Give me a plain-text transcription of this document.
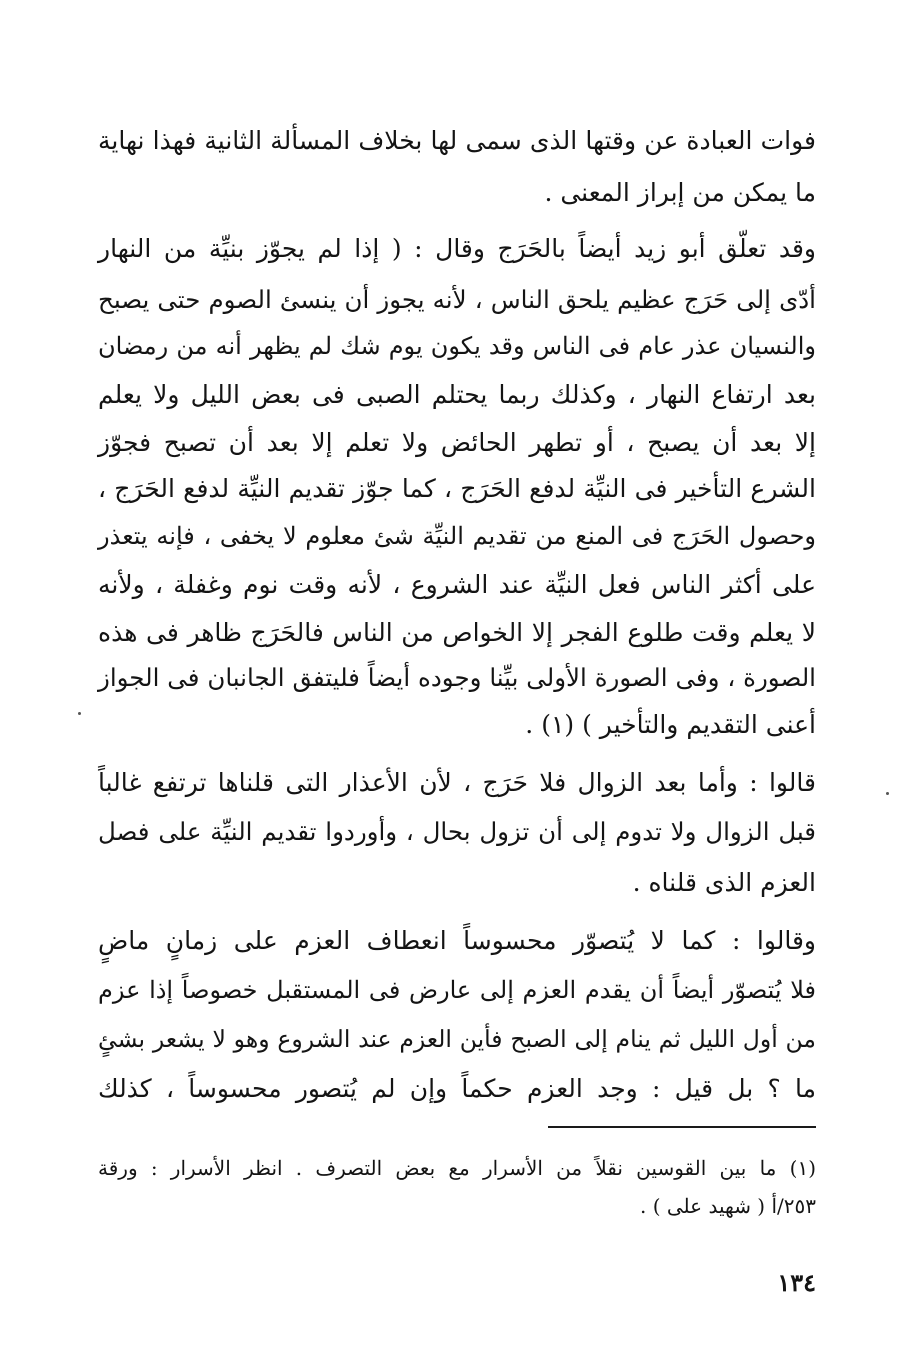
فوات العبادة عن وقتها الذى سمى لها بخلاف المسألة الثانية فهذا نهاية
ما يمكن من إبراز المعنى .
وقد تعلّق أبو زيد أيضاً بالحَرَج وقال : ( إذا لم يجوّز بنيِّة من النهار
أدّى إلى حَرَج عظيم يلحق الناس ، لأنه يجوز أن ينسئ الصوم حتى يصبح
والنسيان عذر عام فى الناس وقد يكون يوم شك لم يظهر أنه من رمضان
بعد ارتفاع النهار ، وكذلك ربما يحتلم الصبى فى بعض الليل ولا يعلم
إلا بعد أن يصبح ، أو تطهر الحائض ولا تعلم إلا بعد أن تصبح فجوّز
الشرع التأخير فى النيِّة لدفع الحَرَج ، كما جوّز تقديم النيِّة لدفع الحَرَج ،
وحصول الحَرَج فى المنع من تقديم النيِّة شئ معلوم لا يخفى ، فإنه يتعذر
على أكثر الناس فعل النيِّة عند الشروع ، لأنه وقت نوم وغفلة ، ولأنه
لا يعلم وقت طلوع الفجر إلا الخواص من الناس فالحَرَج ظاهر فى هذه
الصورة ، وفى الصورة الأولى بيِّنا وجوده أيضاً فليتفق الجانبان فى الجواز
أعنى التقديم والتأخير ) (١) .
قالوا : وأما بعد الزوال فلا حَرَج ، لأن الأعذار التى قلناها ترتفع غالباً
قبل الزوال ولا تدوم إلى أن تزول بحال ، وأوردوا تقديم النيِّة على فصل
العزم الذى قلناه .
وقالوا : كما لا يُتصوّر محسوساً انعطاف العزم على زمانٍ ماضٍ
فلا يُتصوّر أيضاً أن يقدم العزم إلى عارض فى المستقبل خصوصاً إذا عزم
من أول الليل ثم ينام إلى الصبح فأين العزم عند الشروع وهو لا يشعر بشئٍ
ما ؟ بل قيل : وجد العزم حكماً وإن لم يُتصور محسوساً ، كذلك
(١) ما بين القوسين نقلاً من الأسرار مع بعض التصرف . انظر الأسرار : ورقة
٢٥٣/أ ( شهيد على ) .
١٣٤
